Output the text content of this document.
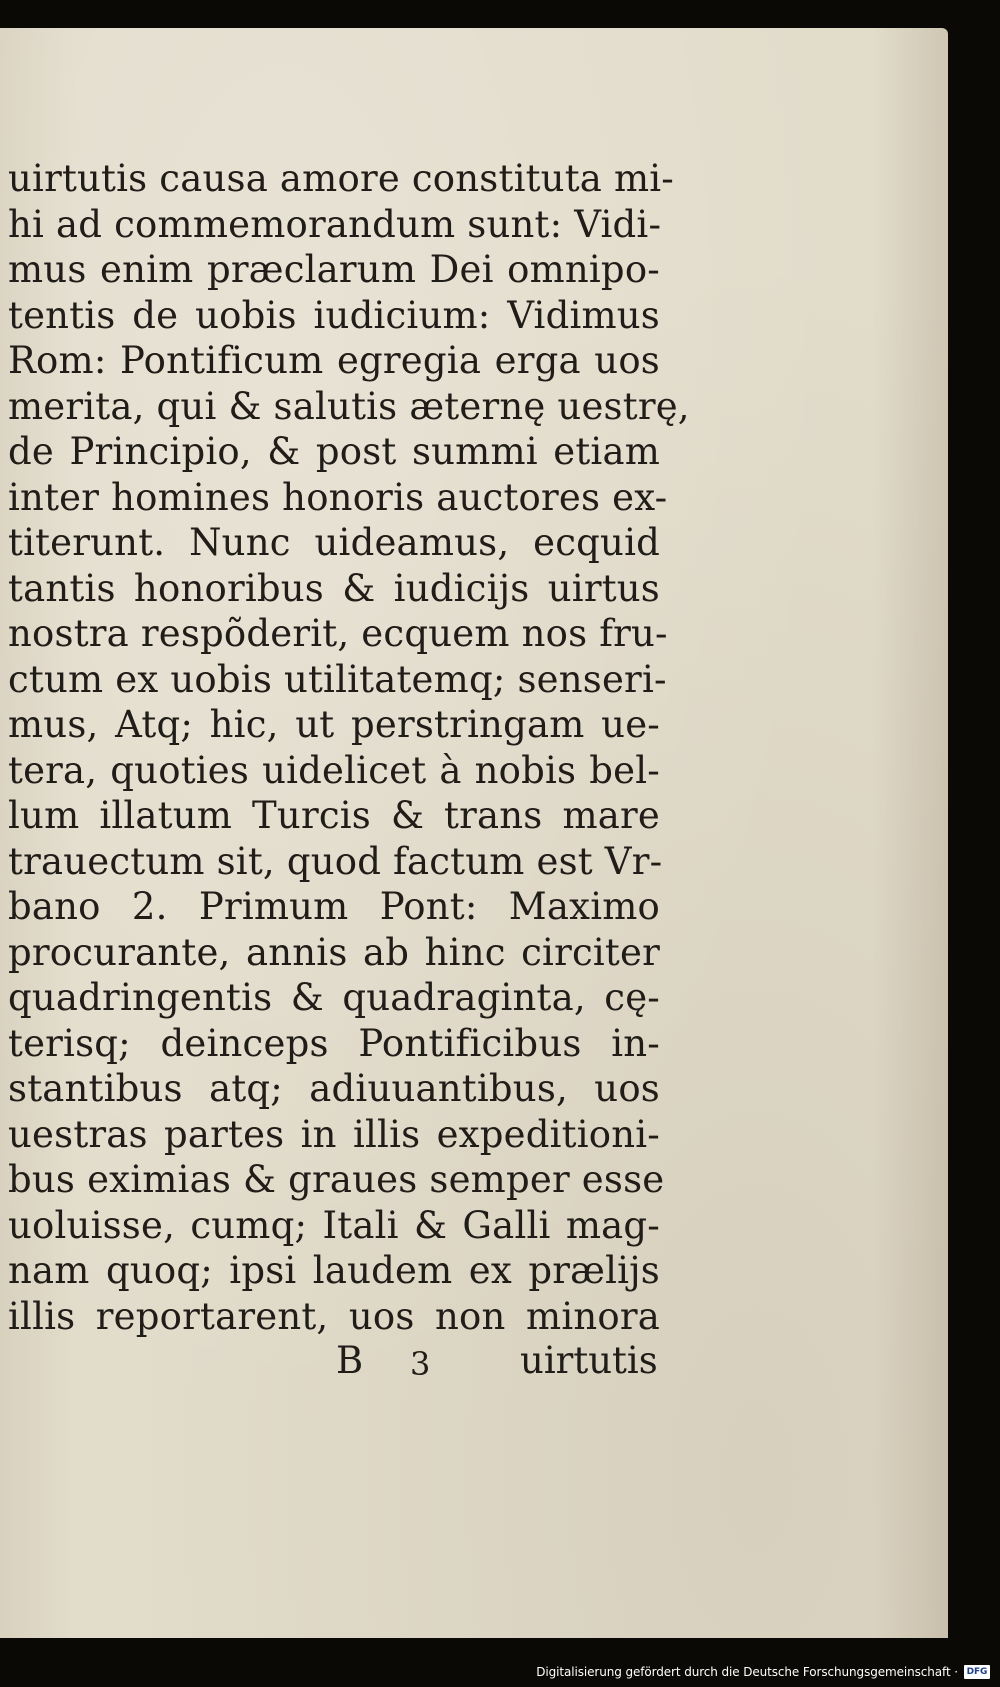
uirtutis causa amore constituta mi-
hi ad commemorandum sunt: Vidi-
mus enim præclarum Dei omnipo-
tentis de uobis iudicium: Vidimus
Rom: Pontificum egregia erga uos
merita, qui & salutis æternę uestrę,
de Principio, & post summi etiam
inter homines honoris auctores ex-
titerunt. Nunc uideamus, ecquid
tantis honoribus & iudicijs uirtus
nostra respõderit, ecquem nos fru-
ctum ex uobis utilitatemq; senseri-
mus, Atq; hic, ut perstringam ue-
tera, quoties uidelicet à nobis bel-
lum illatum Turcis & trans mare
trauectum sit, quod factum est Vr-
bano 2. Primum Pont: Maximo
procurante, annis ab hinc circiter
quadringentis & quadraginta, cę-
terisq; deinceps Pontificibus in-
stantibus atq; adiuuantibus, uos
uestras partes in illis expeditioni-
bus eximias & graues semper esse
uoluisse, cumq; Itali & Galli mag-
nam quoq; ipsi laudem ex prælijs
illis reportarent, uos non minora
B 3 uirtutis
Digitalisierung gefördert durch die Deutsche Forschungsgemeinschaft · DFG
